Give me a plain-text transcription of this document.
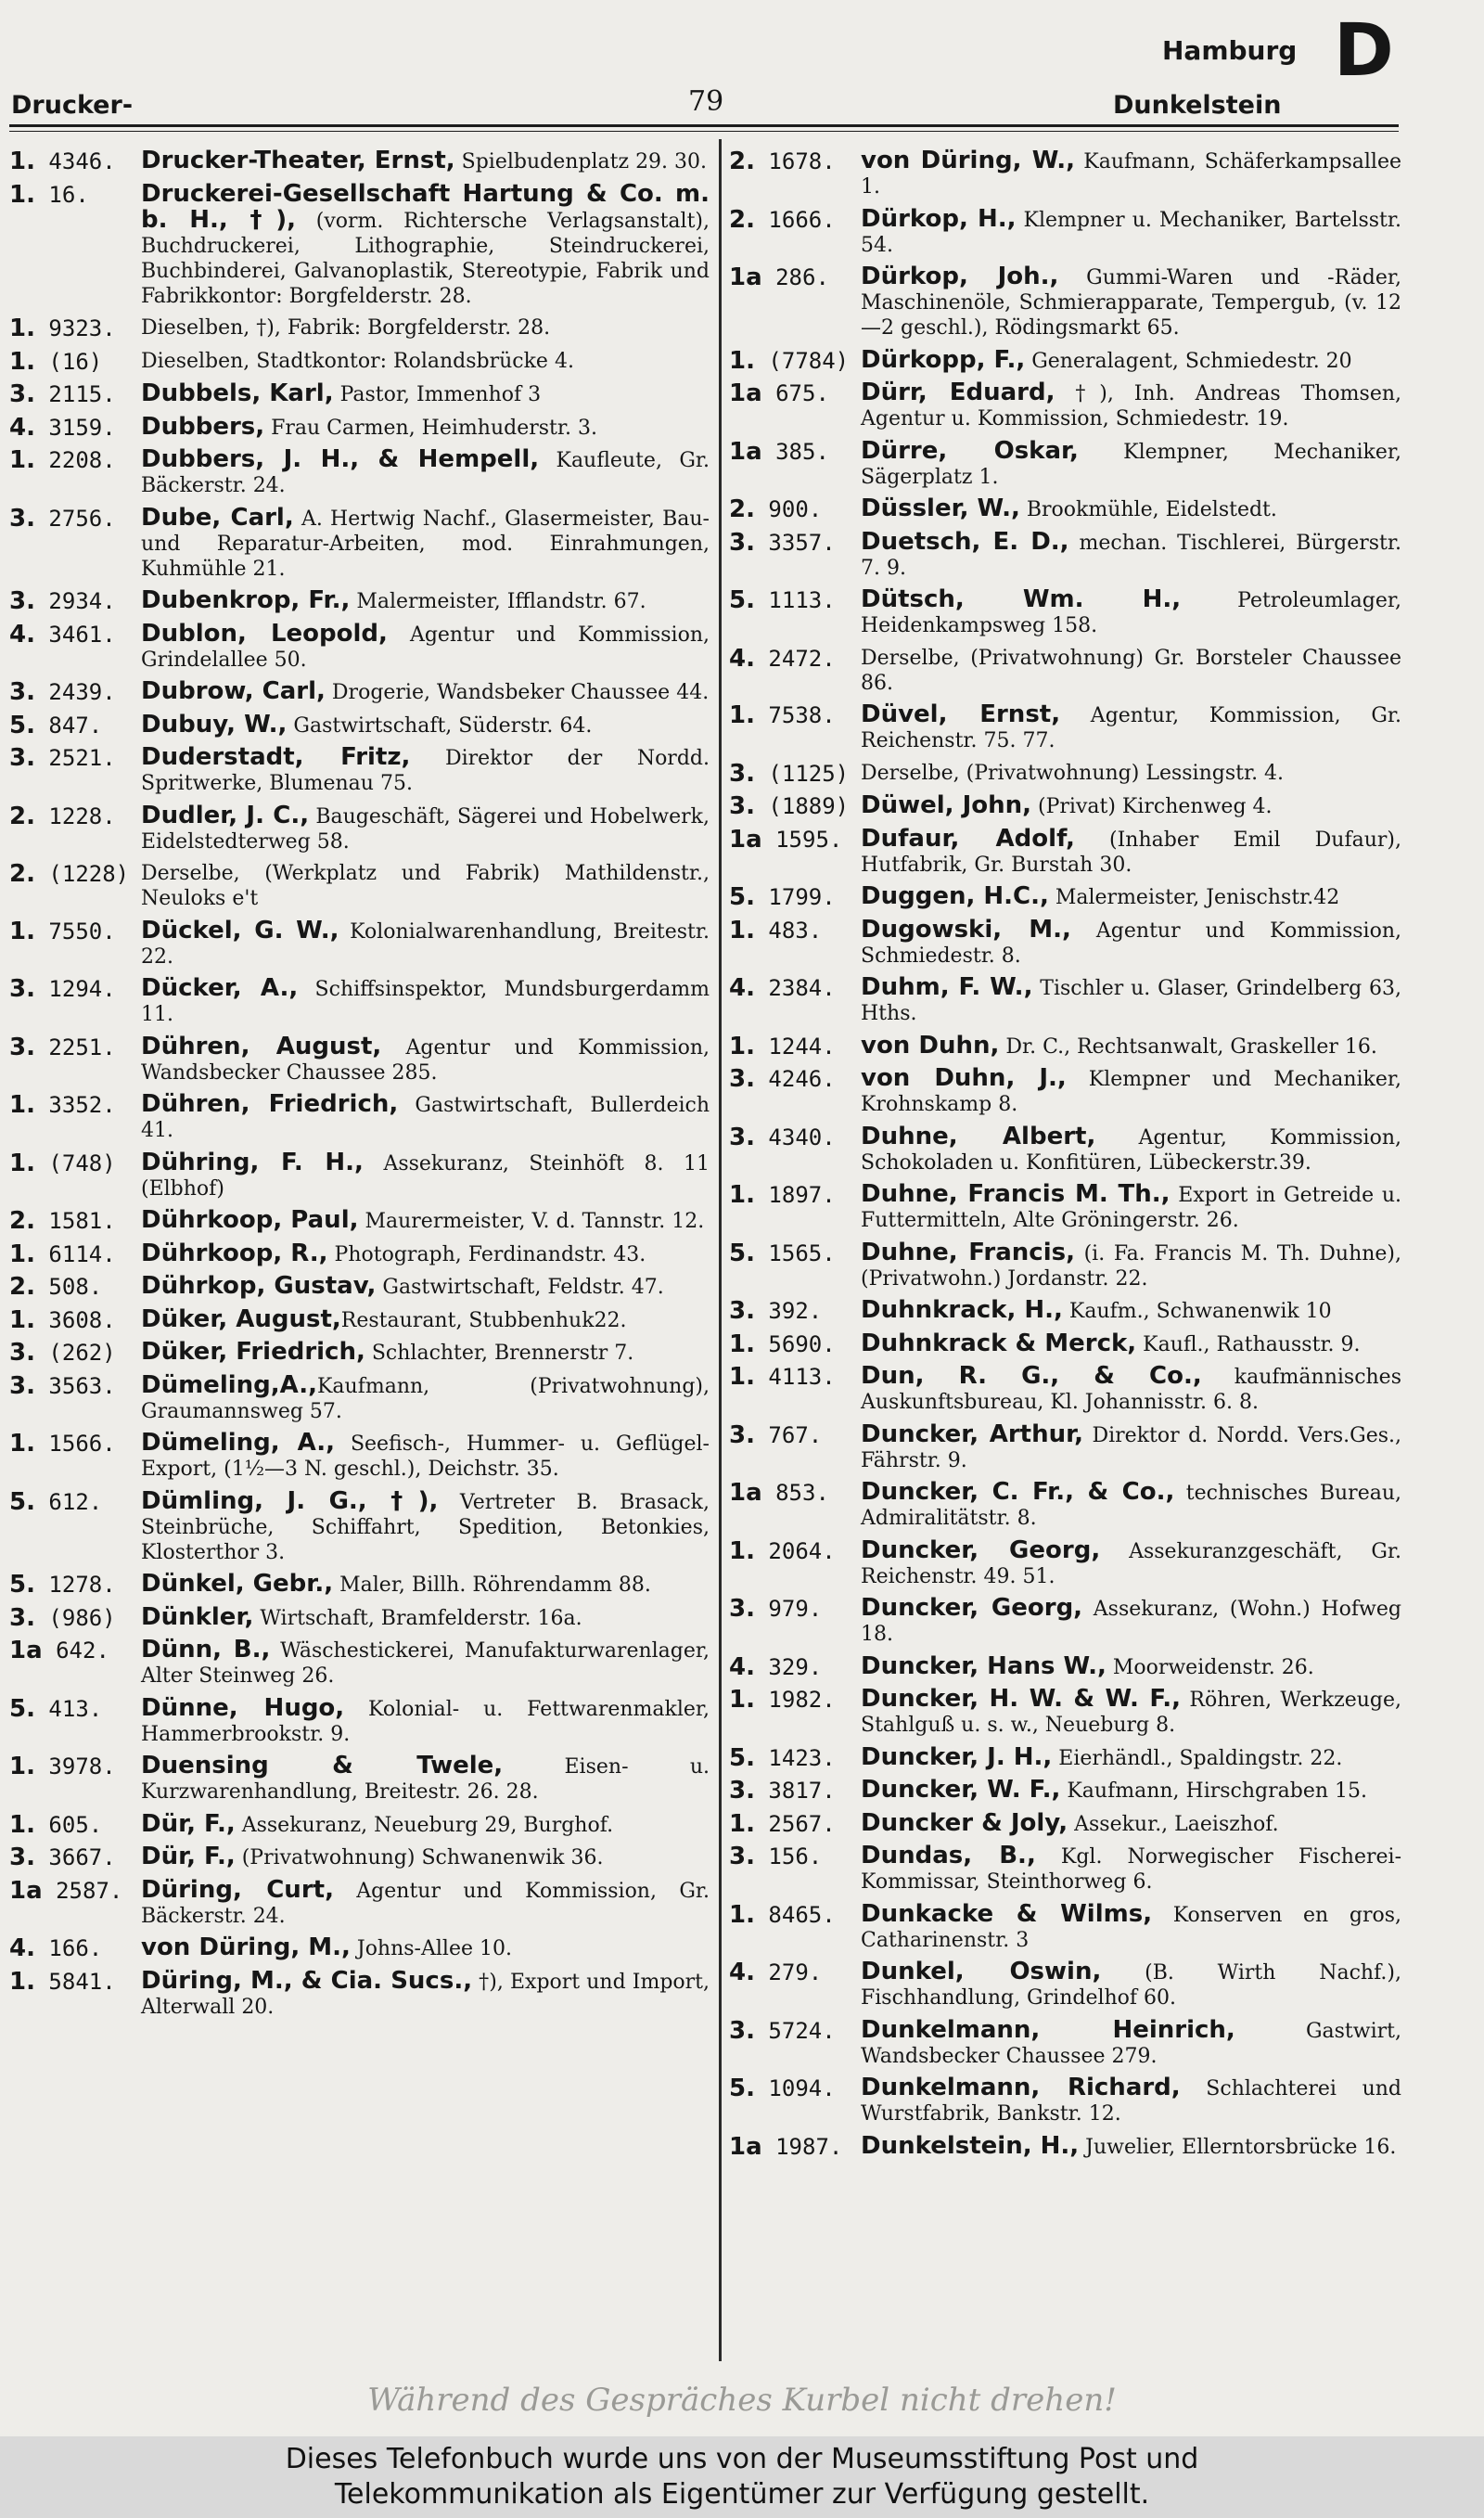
Drucker-	79
Hamburg
Dunkelstein
D
1. 4346.	Drucker-Theater, Ernst, Spielbudenplatz 29. 30.
1. 16.	Druckerei-Gesellschaft Hartung & Co. m. b. H., †), (vorm. Richtersche Verlagsanstalt), Buchdruckerei, Lithographie, Steindruckerei, Buchbinderei, Galvanoplastik, Stereotypie, Fabrik und Fabrikkontor: Borgfelderstr. 28.
1. 9323.	Dieselben, †), Fabrik: Borgfelderstr. 28.
1. (16)	Dieselben, Stadtkontor: Rolandsbrücke 4.
3. 2115.	Dubbels, Karl, Pastor, Immenhof 3
4. 3159.	Dubbers, Frau Carmen, Heimhuderstr. 3.
1. 2208.	Dubbers, J. H., & Hempell, Kaufleute, Gr. Bäckerstr. 24.
3. 2756.	Dube, Carl, A. Hertwig Nachf., Glasermeister, Bau- und Reparatur-Arbeiten, mod. Einrahmungen, Kuhmühle 21.
3. 2934.	Dubenkrop, Fr., Malermeister, Ifflandstr. 67.
4. 3461.	Dublon, Leopold, Agentur und Kommission, Grindelallee 50.
3. 2439.	Dubrow, Carl, Drogerie, Wandsbeker Chaussee 44.
5. 847.	Dubuy, W., Gastwirtschaft, Süderstr. 64.
3. 2521.	Duderstadt, Fritz, Direktor der Nordd. Spritwerke, Blumenau 75.
2. 1228.	Dudler, J. C., Baugeschäft, Sägerei und Hobelwerk, Eidelstedterweg 58.
2. (1228) Derselbe, (Werkplatz und Fabrik) Mathildenstr., Neuloks e't
1. 7550.	Dückel, G. W., Kolonialwarenhandlung, Breitestr. 22.
3. 1294.	Dücker, A., Schiffsinspektor, Mundsburgerdamm 11.
3. 2251.	Dühren, August, Agentur und Kommission, Wandsbecker Chaussee 285.
1. 3352.	Dühren, Friedrich, Gastwirtschaft, Bullerdeich 41.
1. (748)	Dühring, F. H., Assekuranz, Steinhöft 8. 11 (Elbhof)
2. 1581.	Dührkoop, Paul, Maurermeister, V. d. Tannstr. 12.
1. 6114.	Dührkoop, R., Photograph, Ferdinandstr. 43.
2. 508.	Dührkop, Gustav, Gastwirtschaft, Feldstr. 47.
1. 3608.	Düker, August,Restaurant, Stubbenhuk22.
3. (262)	Düker, Friedrich, Schlachter, Brennerstr 7.
3. 3563.	Dümeling,A.,Kaufmann, (Privatwohnung), Graumannsweg 57.
1. 1566.	Dümeling, A., Seefisch-, Hummer- u. Geflügel-Export, (1½—3 N. geschl.), Deichstr. 35.
5. 612.	Dümling, J. G., †), Vertreter B. Brasack, Steinbrüche, Schiffahrt, Spedition, Betonkies, Klosterthor 3.
5. 1278.	Dünkel, Gebr., Maler, Billh. Röhrendamm 88.
3. (986)	Dünkler, Wirtschaft, Bramfelderstr. 16a.
1a 642.	Dünn, B., Wäschestickerei, Manufakturwarenlager, Alter Steinweg 26.
5. 413.	Dünne, Hugo, Kolonial- u. Fettwarenmakler, Hammerbrookstr. 9.
1. 3978.	Duensing & Twele, Eisen- u. Kurzwarenhandlung, Breitestr. 26. 28.
1. 605.	Dür, F., Assekuranz, Neueburg 29, Burghof.
3. 3667.	Dür, F., (Privatwohnung) Schwanenwik 36.
1a 2587. Düring, Curt, Agentur und Kommission, Gr. Bäckerstr. 24.
4. 166.	von Düring, M., Johns-Allee 10.
1. 5841.	Düring, M., & Cia. Sucs., †), Export und Import, Alterwall 20.
2. 1678.	von Düring, W., Kaufmann, Schäferkampsallee 1.
2. 1666.	Dürkop, H., Klempner u. Mechaniker, Bartelsstr. 54.
1a 286.	Dürkop, Joh., Gummi-Waren und -Räder, Maschinenöle, Schmierapparate, Tempergub, (v. 12—2 geschl.), Rödingsmarkt 65.
1. (7784) Dürkopp, F., Generalagent, Schmiedestr. 20
1a 675.	Dürr, Eduard, †), Inh. Andreas Thomsen, Agentur u. Kommission, Schmiedestr. 19.
1a 385.	Dürre, Oskar, Klempner, Mechaniker, Sägerplatz 1.
2. 900.	Düssler, W., Brookmühle, Eidelstedt.
3. 3357.	Duetsch, E. D., mechan. Tischlerei, Bürgerstr. 7. 9.
5. 1113.	Dütsch, Wm. H., Petroleumlager, Heidenkampsweg 158.
4. 2472.	Derselbe, (Privatwohnung) Gr. Borsteler Chaussee 86.
1. 7538.	Düvel, Ernst, Agentur, Kommission, Gr. Reichenstr. 75. 77.
3. (1125) Derselbe, (Privatwohnung) Lessingstr. 4.
3. (1889) Düwel, John, (Privat) Kirchenweg 4.
1a 1595. Dufaur, Adolf, (Inhaber Emil Dufaur), Hutfabrik, Gr. Burstah 30.
5. 1799.	Duggen, H.C., Malermeister, Jenischstr.42
1. 483.	Dugowski, M., Agentur und Kommission, Schmiedestr. 8.
4. 2384.	Duhm, F. W., Tischler u. Glaser, Grindelberg 63, Hths.
1. 1244.	von Duhn, Dr. C., Rechtsanwalt, Graskeller 16.
3. 4246.	von Duhn, J., Klempner und Mechaniker, Krohnskamp 8.
3. 4340.	Duhne, Albert, Agentur, Kommission, Schokoladen u. Konfitüren, Lübeckerstr.39.
1. 1897.	Duhne, Francis M. Th., Export in Getreide u. Futtermitteln, Alte Gröningerstr. 26.
5. 1565.	Duhne, Francis, (i. Fa. Francis M. Th. Duhne), (Privatwohn.) Jordanstr. 22.
3. 392.	Duhnkrack, H., Kaufm., Schwanenwik 10
1. 5690.	Duhnkrack & Merck, Kaufl., Rathausstr. 9.
1. 4113.	Dun, R. G., & Co., kaufmännisches Auskunftsbureau, Kl. Johannisstr. 6. 8.
3. 767.	Duncker, Arthur, Direktor d. Nordd. Vers.Ges., Fährstr. 9.
1a 853.	Duncker, C. Fr., & Co., technisches Bureau, Admiralitätstr. 8.
1. 2064.	Duncker, Georg, Assekuranzgeschäft, Gr. Reichenstr. 49. 51.
3. 979.	Duncker, Georg, Assekuranz, (Wohn.) Hofweg 18.
4. 329.	Duncker, Hans W., Moorweidenstr. 26.
1. 1982.	Duncker, H. W. & W. F., Röhren, Werkzeuge, Stahlguß u. s. w., Neueburg 8.
5. 1423.	Duncker, J. H., Eierhändl., Spaldingstr. 22.
3. 3817.	Duncker, W. F., Kaufmann, Hirschgraben 15.
1. 2567.	Duncker & Joly, Assekur., Laeiszhof.
3. 156.	Dundas, B., Kgl. Norwegischer Fischerei-Kommissar, Steinthorweg 6.
1. 8465.	Dunkacke & Wilms, Konserven en gros, Catharinenstr. 3
4. 279.	Dunkel, Oswin, (B. Wirth Nachf.), Fischhandlung, Grindelhof 60.
3. 5724.	Dunkelmann, Heinrich, Gastwirt, Wandsbecker Chaussee 279.
5. 1094.	Dunkelmann, Richard, Schlachterei und Wurstfabrik, Bankstr. 12.
1a 1987. Dunkelstein, H., Juwelier, Ellerntorsbrücke 16.
Während des Gespräches Kurbel nicht drehen!
Dieses Telefonbuch wurde uns von der Museumsstiftung Post und
Telekommunikation als Eigentümer zur Verfügung gestellt.
